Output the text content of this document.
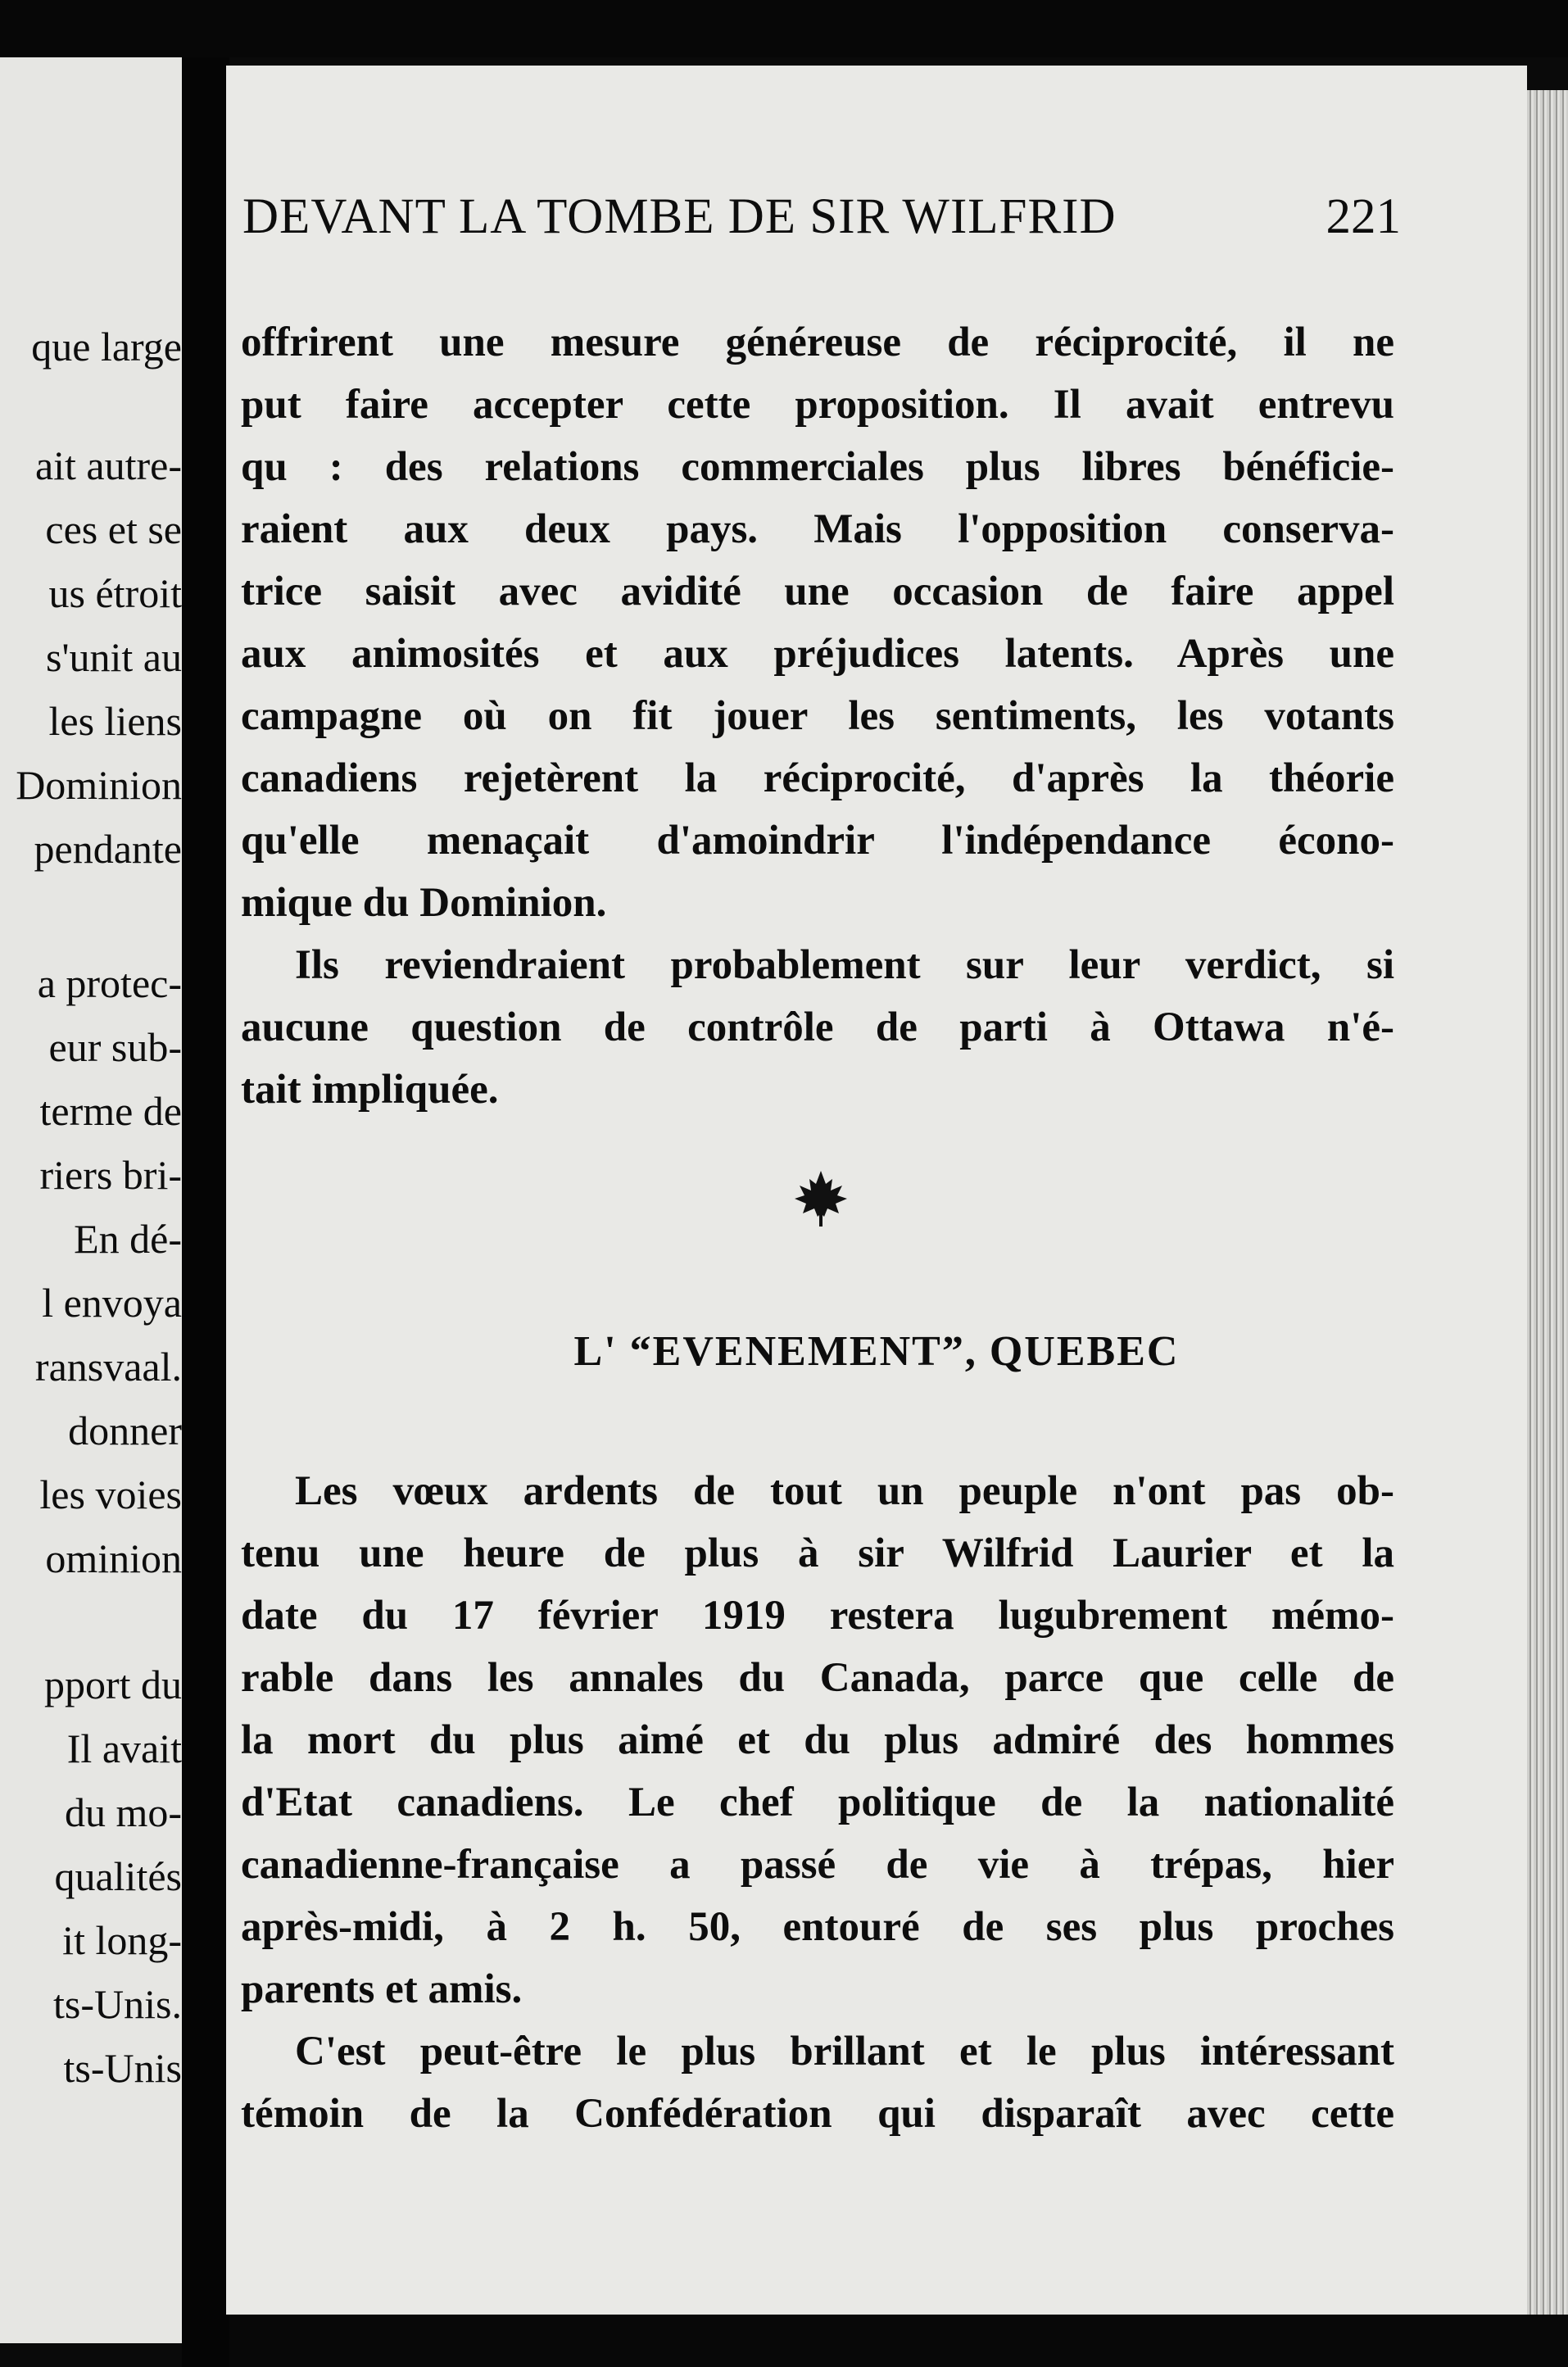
que large
ait autre-
ces et se
us étroit
s'unit au
les liens
Dominion
pendante
a protec-
eur sub-
terme de
riers bri-
En dé-
l envoya
ransvaal.
donner
les voies
ominion
pport du
Il avait
du mo-
qualités
it long-
ts-Unis.
ts-Unis
DEVANT LA TOMBE DE SIR WILFRID	221
offrirent une mesure généreuse de réciprocité, il ne
put faire accepter cette proposition. Il avait entrevu
qu : des relations commerciales plus libres bénéficie-
raient aux deux pays. Mais l'opposition conserva-
trice saisit avec avidité une occasion de faire appel
aux animosités et aux préjudices latents. Après une
campagne où on fit jouer les sentiments, les votants
canadiens rejetèrent la réciprocité, d'après la théorie
qu'elle menaçait d'amoindrir l'indépendance écono-
mique du Dominion.
Ils reviendraient probablement sur leur verdict, si
aucune question de contrôle de parti à Ottawa n'é-
tait impliquée.
L' “EVENEMENT”, QUEBEC
Les vœux ardents de tout un peuple n'ont pas ob-
tenu une heure de plus à sir Wilfrid Laurier et la
date du 17 février 1919 restera lugubrement mémo-
rable dans les annales du Canada, parce que celle de
la mort du plus aimé et du plus admiré des hommes
d'Etat canadiens. Le chef politique de la nationalité
canadienne-française a passé de vie à trépas, hier
après-midi, à 2 h. 50, entouré de ses plus proches
parents et amis.
C'est peut-être le plus brillant et le plus intéressant
témoin de la Confédération qui disparaît avec cette
